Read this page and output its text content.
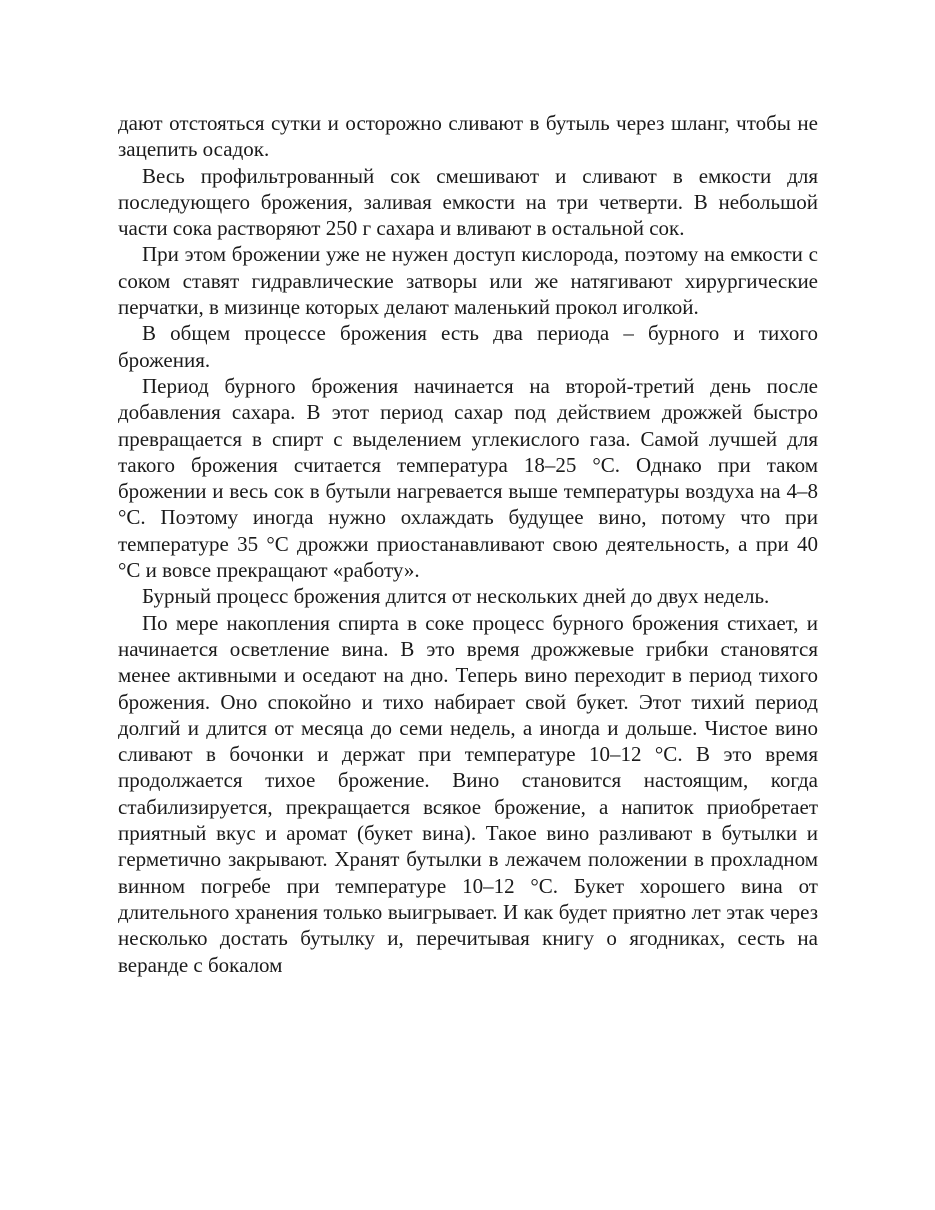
дают отстояться сутки и осторожно сливают в бутыль через шланг, чтобы не зацепить осадок.

Весь профильтрованный сок смешивают и сливают в емкости для последующего брожения, заливая емкости на три четверти. В небольшой части сока растворяют 250 г сахара и вливают в остальной сок.

При этом брожении уже не нужен доступ кислорода, поэтому на емкости с соком ставят гидравлические затворы или же натягивают хирургические перчатки, в мизинце которых делают маленький прокол иголкой.

В общем процессе брожения есть два периода – бурного и тихого брожения.

Период бурного брожения начинается на второй-третий день после добавления сахара. В этот период сахар под действием дрожжей быстро превращается в спирт с выделением углекислого газа. Самой лучшей для такого брожения считается температура 18–25 °С. Однако при таком брожении и весь сок в бутыли нагревается выше температуры воздуха на 4–8 °С. Поэтому иногда нужно охлаждать будущее вино, потому что при температуре 35 °С дрожжи приостанавливают свою деятельность, а при 40 °С и вовсе прекращают «работу».

Бурный процесс брожения длится от нескольких дней до двух недель.

По мере накопления спирта в соке процесс бурного брожения стихает, и начинается осветление вина. В это время дрожжевые грибки становятся менее активными и оседают на дно. Теперь вино переходит в период тихого брожения. Оно спокойно и тихо набирает свой букет. Этот тихий период долгий и длится от месяца до семи недель, а иногда и дольше. Чистое вино сливают в бочонки и держат при температуре 10–12 °С. В это время продолжается тихое брожение. Вино становится настоящим, когда стабилизируется, прекращается всякое брожение, а напиток приобретает приятный вкус и аромат (букет вина). Такое вино разливают в бутылки и герметично закрывают. Хранят бутылки в лежачем положении в прохладном винном погребе при температуре 10–12 °С. Букет хорошего вина от длительного хранения только выигрывает. И как будет приятно лет этак через несколько достать бутылку и, перечитывая книгу о ягодниках, сесть на веранде с бокалом
